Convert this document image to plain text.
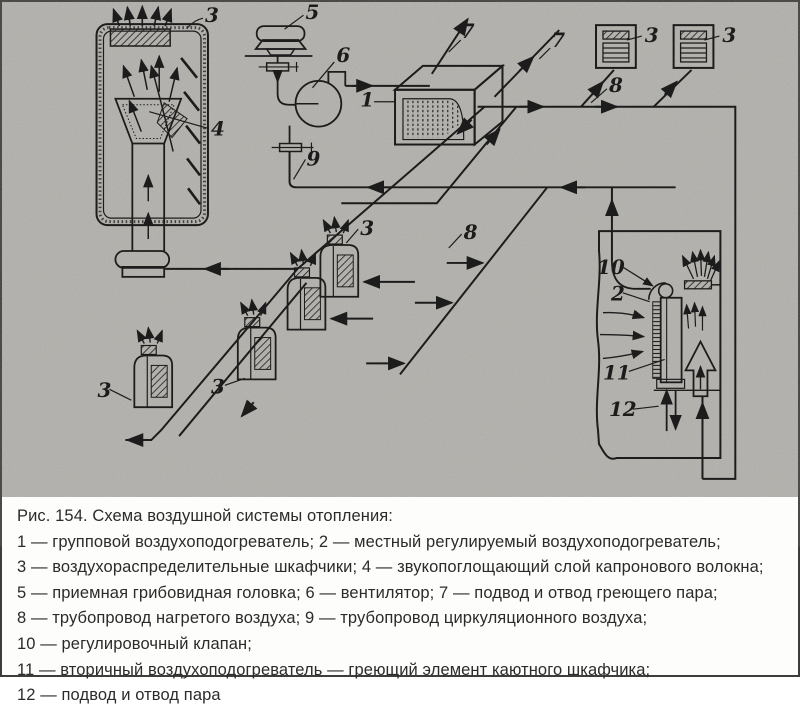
3
4
5
6
1
7	7
8
3	3
9
3	8
3
3
10
2
11
12

Рис. 154. Схема воздушной системы отопления:

1 — групповой воздухоподогреватель; 2 — местный регулируемый воздухоподогреватель;

3 — воздухораспределительные шкафчики; 4 — звукопоглощающий слой капронового волокна;

5 — приемная грибовидная головка; 6 — вентилятор; 7 — подвод и отвод греющего пара;

8 — трубопровод нагретого воздуха; 9 — трубопровод циркуляционного воздуха;

10 — регулировочный клапан;

11 — вторичный воздухоподогреватель — греющий элемент каютного шкафчика;

12 — подвод и отвод пара
